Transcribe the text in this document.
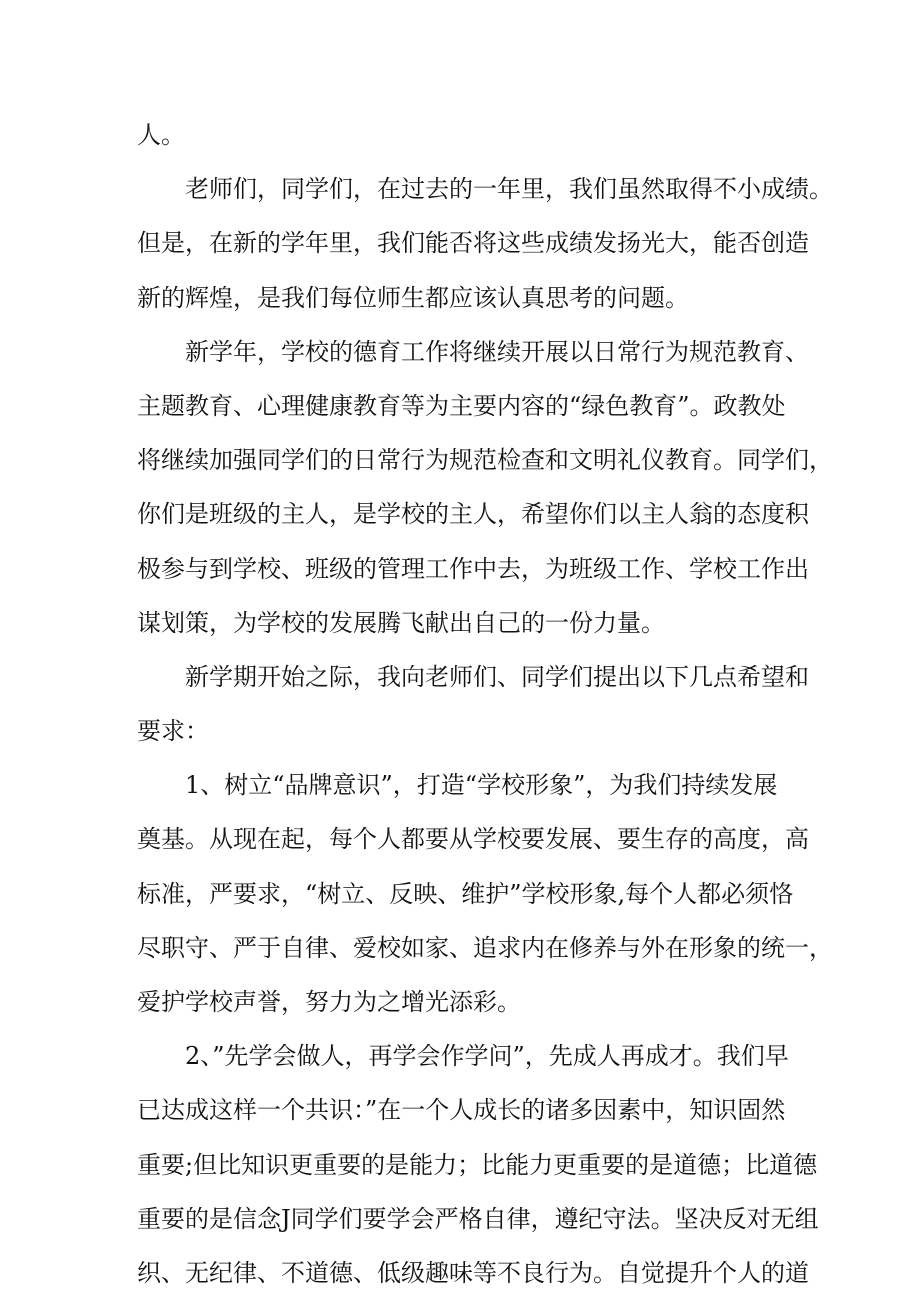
人。
老师们，同学们，在过去的一年里，我们虽然取得不小成绩。
但是，在新的学年里，我们能否将这些成绩发扬光大，能否创造
新的辉煌，是我们每位师生都应该认真思考的问题。
新学年，学校的德育工作将继续开展以日常行为规范教育、
主题教育、心理健康教育等为主要内容的“绿色教育”。政教处
将继续加强同学们的日常行为规范检查和文明礼仪教育。同学们，
你们是班级的主人，是学校的主人，希望你们以主人翁的态度积
极参与到学校、班级的管理工作中去，为班级工作、学校工作出
谋划策，为学校的发展腾飞献出自己的一份力量。
新学期开始之际，我向老师们、同学们提出以下几点希望和
要求：
1、树立“品牌意识”，打造“学校形象”，为我们持续发展
奠基。从现在起，每个人都要从学校要发展、要生存的高度，高
标准，严要求，“树立、反映、维护”学校形象,每个人都必须恪
尽职守、严于自律、爱校如家、追求内在修养与外在形象的统一，
爱护学校声誉，努力为之增光添彩。
2、”先学会做人，再学会作学问”，先成人再成才。我们早
已达成这样一个共识：”在一个人成长的诸多因素中，知识固然
重要;但比知识更重要的是能力；比能力更重要的是道德；比道德
重要的是信念J同学们要学会严格自律，遵纪守法。坚决反对无组
织、无纪律、不道德、低级趣味等不良行为。自觉提升个人的道
